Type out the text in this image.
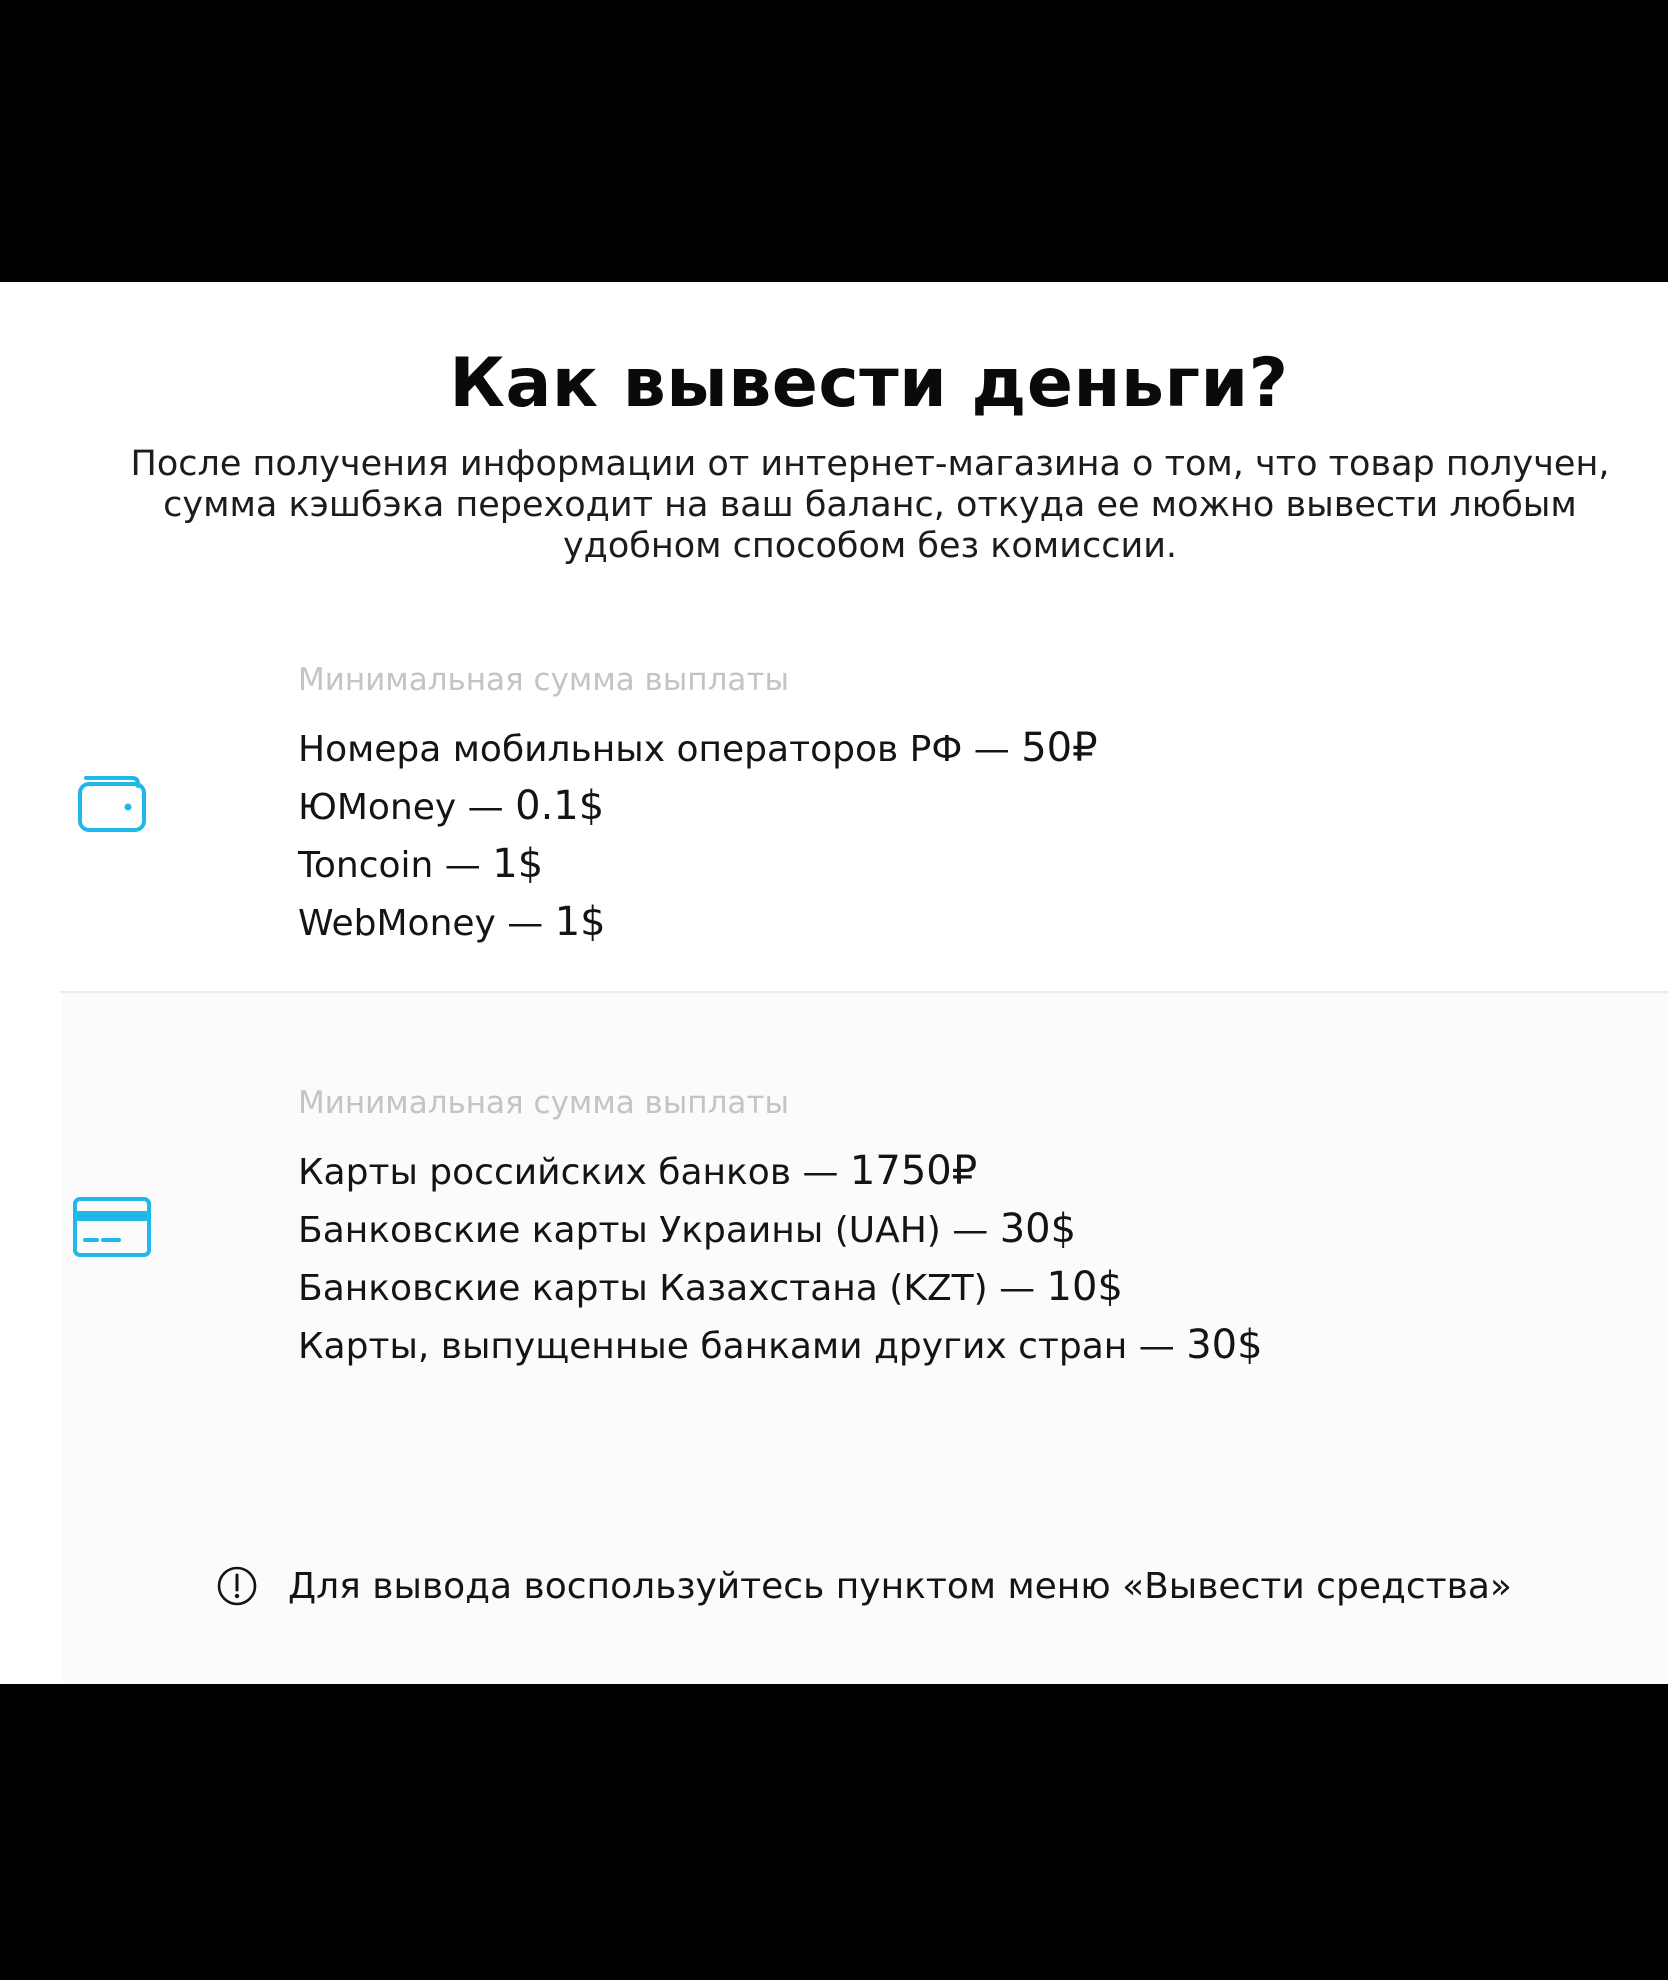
Как вывести деньги?
После получения информации от интернет-магазина о том, что товар получен,
сумма кэшбэка переходит на ваш баланс, откуда ее можно вывести любым
удобном способом без комиссии.
Минимальная сумма выплаты
Номера мобильных операторов РФ — 50₽
ЮMoney — 0.1$
Toncoin — 1$
WebMoney — 1$
Минимальная сумма выплаты
Карты российских банков — 1750₽
Банковские карты Украины (UAH) — 30$
Банковские карты Казахстана (KZT) — 10$
Карты, выпущенные банками других стран — 30$
Для вывода воспользуйтесь пунктом меню «Вывести средства»
